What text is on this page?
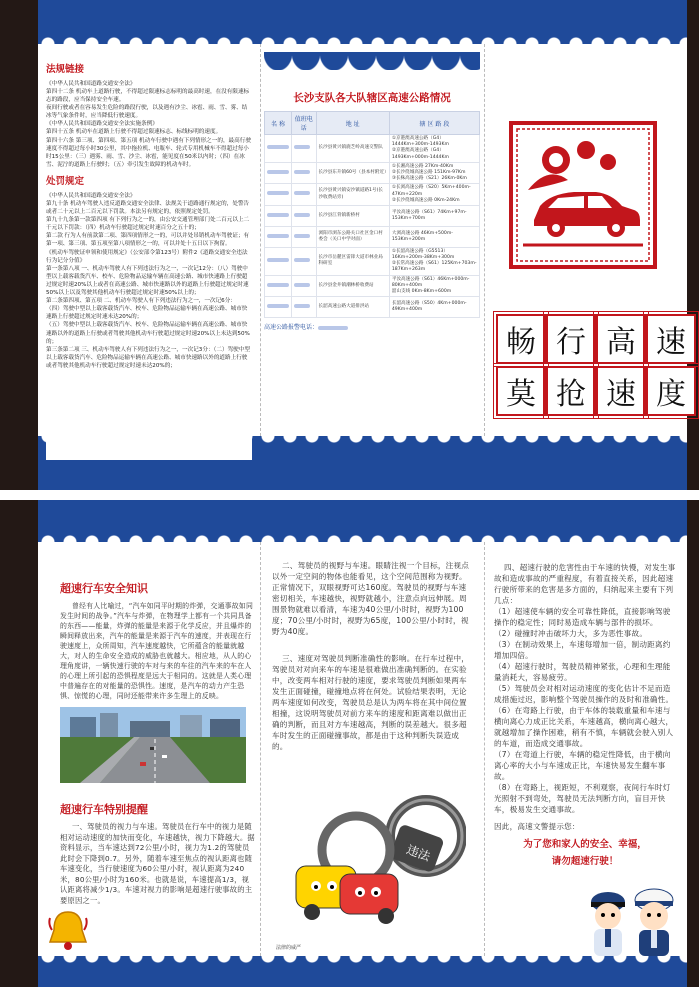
法规链接

《中华人民共和国道路交通安全法》

第四十二条 机动车上道路行驶，不得超过限速标志标明的最高时速，在没有限速标志的路段，应当保持安全车速。

夜间行驶或者在容易发生危险的路段行驶，以及遇有沙尘、冰雹、雨、雪、雾、结冰等气象条件时，应当降低行驶速度。

《中华人民共和国道路交通安全法实施条例》

第四十五条 机动车在道路上行驶不得超过限速标志、标线标明的速度。

第四十六条 第三项、第四项、第五项 机动车行驶中遇有下列情形之一的，最高行驶速度不得超过每小时30公里，其中拖拉机、电瓶车、轮式专用机械车不得超过每小时15公里：（三）遇雾、雨、雪、沙尘、冰雹，能见度在50米以内时；（四）在冰雪、泥泞的道路上行驶时；（五）牵引发生故障的机动车时。

处罚规定

《中华人民共和国道路交通安全法》

第九十条 机动车驾驶人违反道路交通安全法律、法规关于道路通行规定的，处警告或者二十元以上二百元以下罚款。本法另有规定的，依照规定处罚。

第九十九条第一款第四项 有下列行为之一的，由公安交通管理部门处二百元以上二千元以下罚款：（四）机动车行驶超过规定时速百分之五十的；

第二款 行为人有前款第二项、第四项情形之一的，可以并处吊销机动车驾驶证；有第一项、第三项、第五项至第八项情形之一的，可以并处十五日以下拘留。

《机动车驾驶证申领和使用规定》（公安部令第123号）附件2《道路交通安全违法行为记分分值》

第一条第八项 一、机动车驾驶人有下列违法行为之一，一次记12分：（八）驾驶中型以上载客载货汽车、校车、危险物品运输车辆在高速公路、城市快速路上行驶超过规定时速20%以上或者在高速公路、城市快速路以外的道路上行驶超过规定时速50%以上以及驾驶其他机动车行驶超过规定时速50%以上的；

第二条第四项、第五项 二、机动车驾驶人有下列违法行为之一，一次记6分：

（四）驾驶中型以上载客载货汽车、校车、危险物品运输车辆在高速公路、城市快速路上行驶超过规定时速未达20%的；

（五）驾驶中型以上载客载货汽车、校车、危险物品运输车辆在高速公路、城市快速路以外的道路上行驶或者驾驶其他机动车行驶超过规定时速20%以上未达到50%的；

第三条第二项 三、机动车驾驶人有下列违法行为之一，一次记3分：（二）驾驶中型以上载客载货汽车、危险物品运输车辆在高速公路、城市快速路以外的道路上行驶或者驾驶其他机动车行驶超过规定时速未达20%的；

长沙支队各大队辖区高速公路情况
名 称	值班电话	地 址	辖 区 路 段
		长沙县黄兴镇鹿芝岭高速交警队	①京港澳高速公路（G4）1444Km+300m-1493Km
②京港澳高速公路（G4）1493Km+000m-1444Km
		长沙县东升镇60号（县本村附近）	①长湘高速公路 27Km-40Km
②长沙绕城高速公路 151Km-97Km
③长株高速公路（S21）26Km-0Km
		长沙县黄兴镇安沙镇道路1号(长沙收费站旁)	①长浏高速公路（S20）5Km+400m-47Km+220m
②长沙绕城高速公路 0Km-24Km
		长沙县江背镇新桥村	平汝高速公路（S61）74Km+97m-153Km+700m
		浏阳市浏东公路关口社区金口村委会（关口中学对面）	大浏高速公路 46Km+500m-153Km+200m
		长沙市岳麓区雷锋大道市林业局科研室	①长韶高速公路（G5513）16Km+200m-38Km+300m
②长常高速公路（S61）125Km+703m-187Km+263m
		长沙县金井镇潮林桥收费站	平汝高速公路（S61）46Km+000m-80Km+400m
韶山支线 0Km-8Km+600m
		长韶高速公路大道排洪站	长韶高速公路（S50）4Km+000m-49Km+400m
高速公路报警电话：	畅 行 高 速
莫 抢 速 度
超速行车安全知识

曾经有人比喻过，“汽车如同平时期的炸弹，交通事故如同发生时间的战争。”汽车与炸弹，在物理学上都有一个共同具备的东西——能量，炸弹的能量是来源于化学反应，并且爆炸的瞬间释放出来，汽车的能量是来源于汽车的速度，并表现在行驶速度上，众所周知，汽车速度越快，它所蕴含的能量就越大，对人的生命安全造成的威胁也就越大。相应地，从人的心理角度讲，一辆快速行驶的车对与来的车往的汽车来的车在人的心理上所引起的恐惧程度是远大于相同的。这就是人类心理中普遍存在的对能量的恐惧性。速度，是汽车的动力产生恐惧、惊慌的心理，同时还能带来许多生理上的反映。

超速行车特别提醒

一、驾驶员的视力与车速。驾驶员在行车中的视力是随相对运动速度的加快而变化，车速越快，视力下降越大。据资料显示，当车速达到72公里/小时，视力为1.2的驾驶员此时会下降到0.7。另外，随着车速至焦点的视认距离也随车速变化，当行驶速度为60公里/小时，视认距离为240米，80公里/小时为160米。也就是说，车速提高1/3，视认距离将减少1/3。车速对视力的影响是超速行驶事故的主要原因之一。

二、驾驶员的视野与车速。眼睛注视一个目标，注视点以外一定空间的物体也能看见，这个空间范围称为视野。正常情况下，双眼视野可达160度。驾驶员的视野与车速密切相关，车速越快，视野就越小，注意点向远伸展。周围景物就难以看清，车速为40公里/小时时，视野为100度；70公里/小时时，视野为65度，100公里/小时时，视野为40度。

三、速度对驾驶员判断准确性的影响。在行车过程中，驾驶员对对向来车的车速是很难做出准确判断的。在实验中，改变两车相对行驶的速度，要求驾驶员判断如果两车发生正面碰撞，碰撞地点将在何处。试验结果表明，无论两车速度如何改变，驾驶员总是认为两车将在其中间位置相撞，这说明驾驶员对前方来车的速度和距离难以做出正确的判断，而且对方车速越高，判断的误差越大。很多超车时发生的正面碰撞事故，都是由于这种判断失误造成的。

违法
法律的威严

四、超速行驶的危害性由于车速的快慢，对发生事故和造成事故的严重程度，有着直接关系，因此超速行驶所带来的危害是多方面的，归纳起来主要有下列几点：

（1）超速使车辆的安全可靠性降低，直接影响驾驶操作的稳定性；同时易造成车辆与部件的损坏。

（2）碰撞时冲击破坏力大，多为恶性事故。

（3）在制动效果上，车速每增加一倍，制动距离约增加四倍。

（4）超速行驶时，驾驶员精神紧张，心理和生理能量消耗大，容易疲劳。

（5）驾驶员会对相对运动速度的变化估计不足而造成措施过迟，影响整个驾驶员操作的及时和准确性。

（6）在弯路上行驶，由于车体的装载重量和车速与横向离心力成正比关系，车速越高，横向离心越大，就越增加了操作困难，稍有不慎，车辆就会驶入别人的车道，而造成交通事故。

（7）在弯道上行驶，车辆的稳定性降低，由于横向离心率的大小与车速成正比，车速快易发生翻车事故。

（8）在弯路上，视距短，不利观察，夜间行车时灯光照射不到弯处，驾驶员无法判断方向，盲目开快车，极易发生交通事故。

因此，高速文警提示您：

为了您和家人的安全、幸福，
请勿超速行驶！
